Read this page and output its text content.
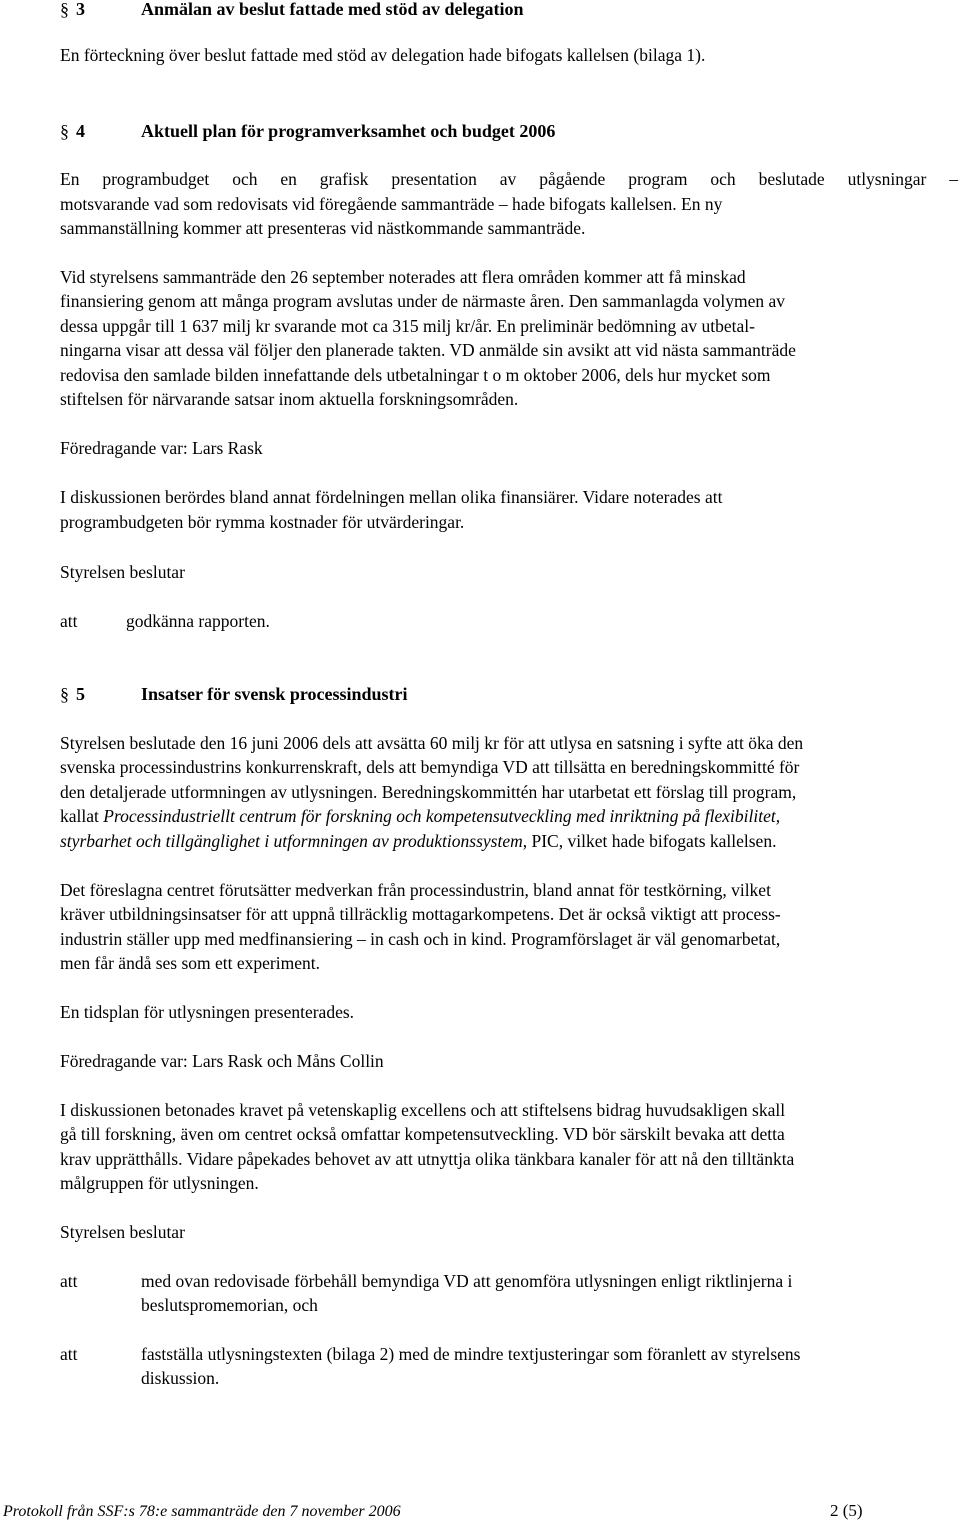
§ 3	Anmälan av beslut fattade med stöd av delegation

En förteckning över beslut fattade med stöd av delegation hade bifogats kallelsen (bilaga 1).

§ 4	Aktuell plan för programverksamhet och budget 2006

En programbudget och en grafisk presentation av pågående program och beslutade utlysningar –

motsvarande vad som redovisats vid föregående sammanträde – hade bifogats kallelsen. En ny

sammanställning kommer att presenteras vid nästkommande sammanträde.

Vid styrelsens sammanträde den 26 september noterades att flera områden kommer att få minskad

finansiering genom att många program avslutas under de närmaste åren. Den sammanlagda volymen av

dessa uppgår till 1 637 milj kr svarande mot ca 315 milj kr/år. En preliminär bedömning av utbetal-

ningarna visar att dessa väl följer den planerade takten. VD anmälde sin avsikt att vid nästa sammanträde

redovisa den samlade bilden innefattande dels utbetalningar t o m oktober 2006, dels hur mycket som

stiftelsen för närvarande satsar inom aktuella forskningsområden.

Föredragande var: Lars Rask

I diskussionen berördes bland annat fördelningen mellan olika finansiärer. Vidare noterades att

programbudgeten bör rymma kostnader för utvärderingar.

Styrelsen beslutar

att	godkänna rapporten.
§ 5	Insatser för svensk processindustri

Styrelsen beslutade den 16 juni 2006 dels att avsätta 60 milj kr för att utlysa en satsning i syfte att öka den

svenska processindustrins konkurrenskraft, dels att bemyndiga VD att tillsätta en beredningskommitté för

den detaljerade utformningen av utlysningen. Beredningskommittén har utarbetat ett förslag till program,

kallat Processindustriellt centrum för forskning och kompetensutveckling med inriktning på flexibilitet,

styrbarhet och tillgänglighet i utformningen av produktionssystem, PIC, vilket hade bifogats kallelsen.

Det föreslagna centret förutsätter medverkan från processindustrin, bland annat för testkörning, vilket

kräver utbildningsinsatser för att uppnå tillräcklig mottagarkompetens. Det är också viktigt att process-

industrin ställer upp med medfinansiering – in cash och in kind. Programförslaget är väl genomarbetat,

men får ändå ses som ett experiment.

En tidsplan för utlysningen presenterades.

Föredragande var: Lars Rask och Måns Collin

I diskussionen betonades kravet på vetenskaplig excellens och att stiftelsens bidrag huvudsakligen skall

gå till forskning, även om centret också omfattar kompetensutveckling. VD bör särskilt bevaka att detta

krav upprätthålls. Vidare påpekades behovet av att utnyttja olika tänkbara kanaler för att nå den tilltänkta

målgruppen för utlysningen.

Styrelsen beslutar

att	med ovan redovisade förbehåll bemyndiga VD att genomföra utlysningen enligt riktlinjerna i
beslutspromemorian, och
att	fastställa utlysningstexten (bilaga 2) med de mindre textjusteringar som föranlett av styrelsens
diskussion.
Protokoll från SSF:s 78:e sammanträde den 7 november 2006	2 (5)
